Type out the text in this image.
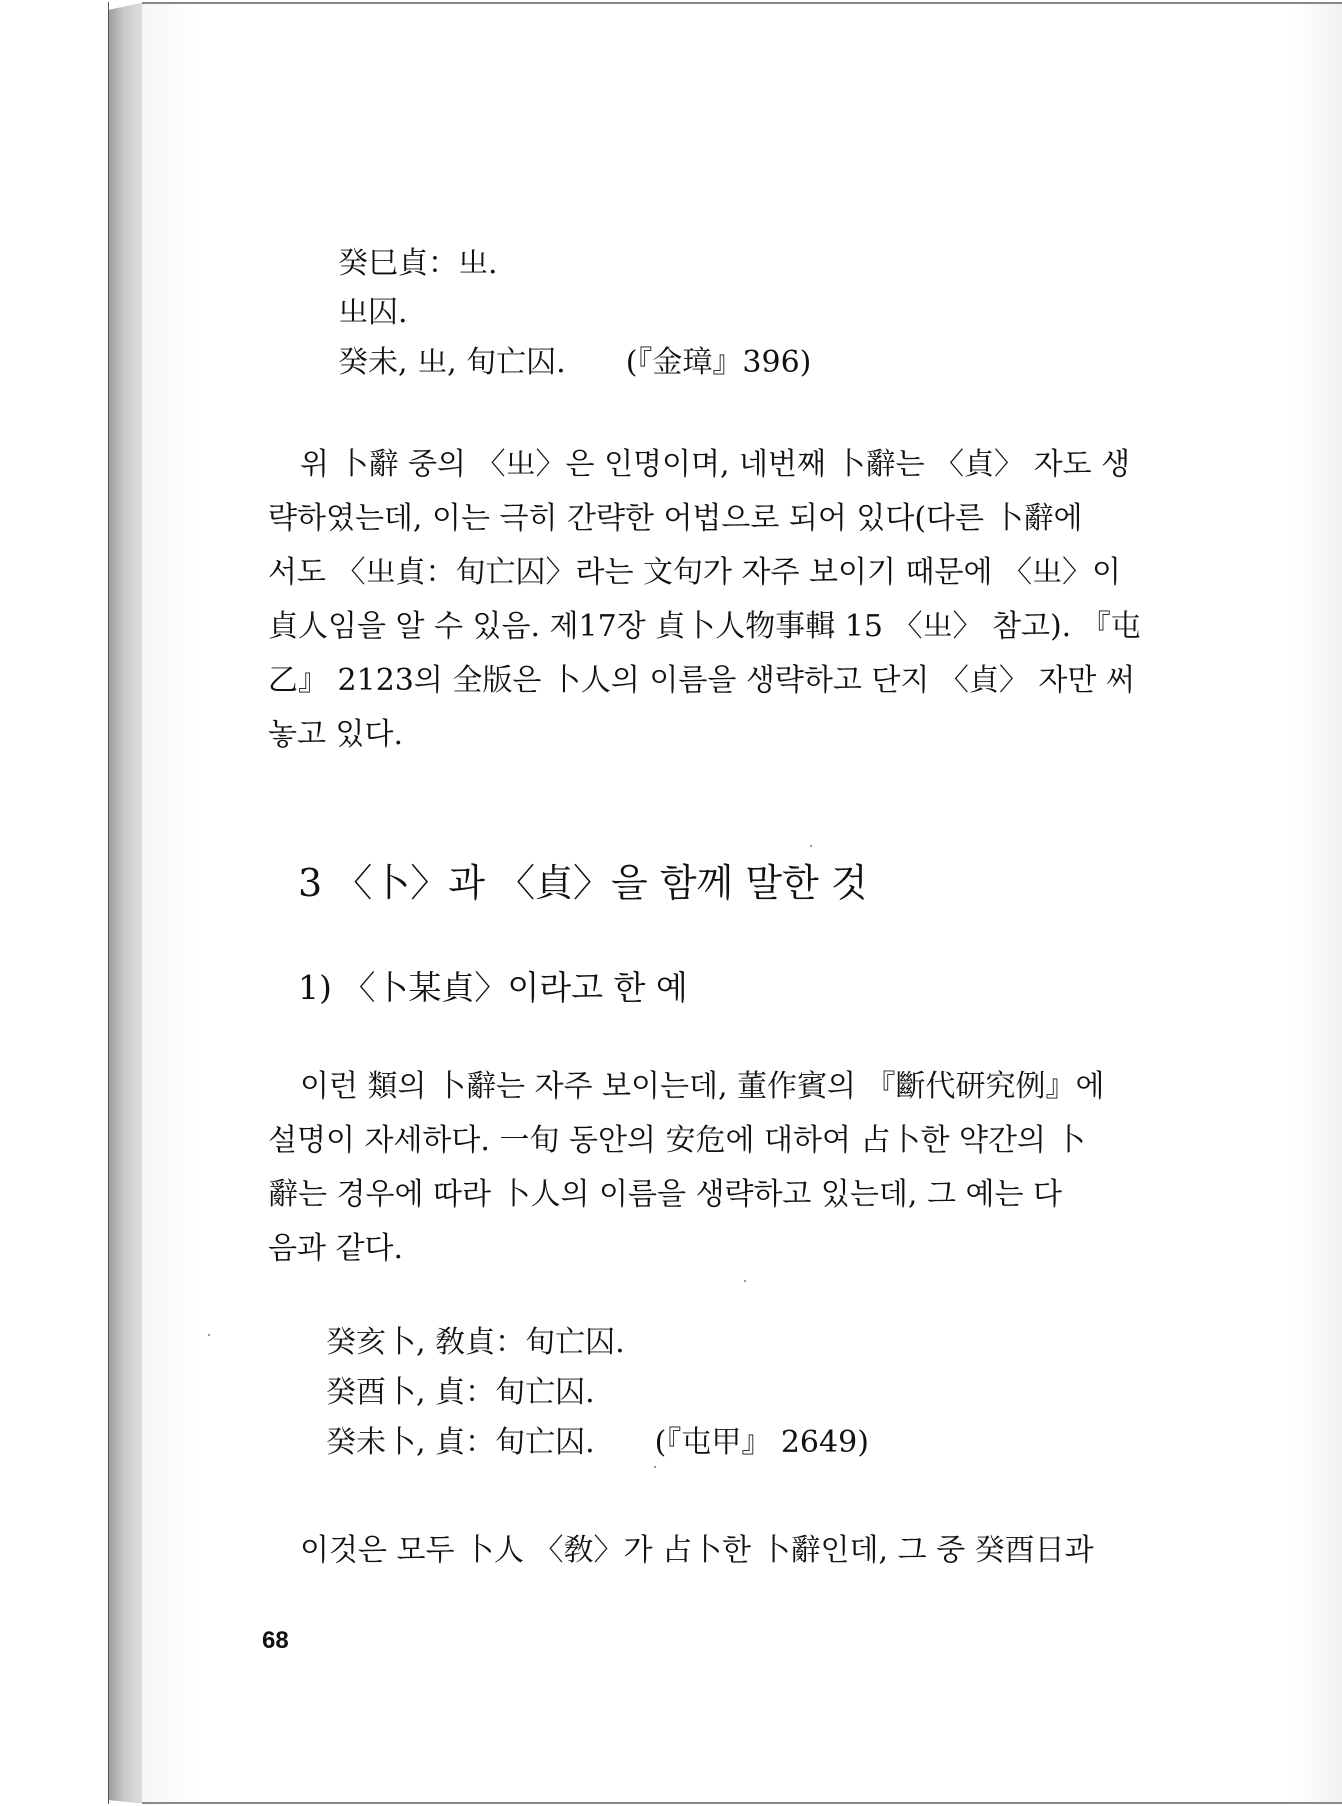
癸巳貞：㞢.
㞢囚.
癸未, 㞢, 旬亡囚. (『金璋』396)
위 卜辭 중의 〈㞢〉은 인명이며, 네번째 卜辭는 〈貞〉 자도 생
략하였는데, 이는 극히 간략한 어법으로 되어 있다(다른 卜辭에
서도 〈㞢貞：旬亡囚〉라는 文句가 자주 보이기 때문에 〈㞢〉이
貞人임을 알 수 있음. 제17장 貞卜人物事輯 15 〈㞢〉 참고). 『屯
乙』 2123의 全版은 卜人의 이름을 생략하고 단지 〈貞〉 자만 써
놓고 있다.
3 〈卜〉과 〈貞〉을 함께 말한 것
1) 〈卜某貞〉이라고 한 예
이런 類의 卜辭는 자주 보이는데, 董作賓의 『斷代研究例』에
설명이 자세하다. 一旬 동안의 安危에 대하여 占卜한 약간의 卜
辭는 경우에 따라 卜人의 이름을 생략하고 있는데, 그 예는 다
음과 같다.
癸亥卜, 敎貞：旬亡囚.
癸酉卜, 貞：旬亡囚.
癸未卜, 貞：旬亡囚. (『屯甲』 2649)
이것은 모두 卜人 〈敎〉가 占卜한 卜辭인데, 그 중 癸酉日과
68
